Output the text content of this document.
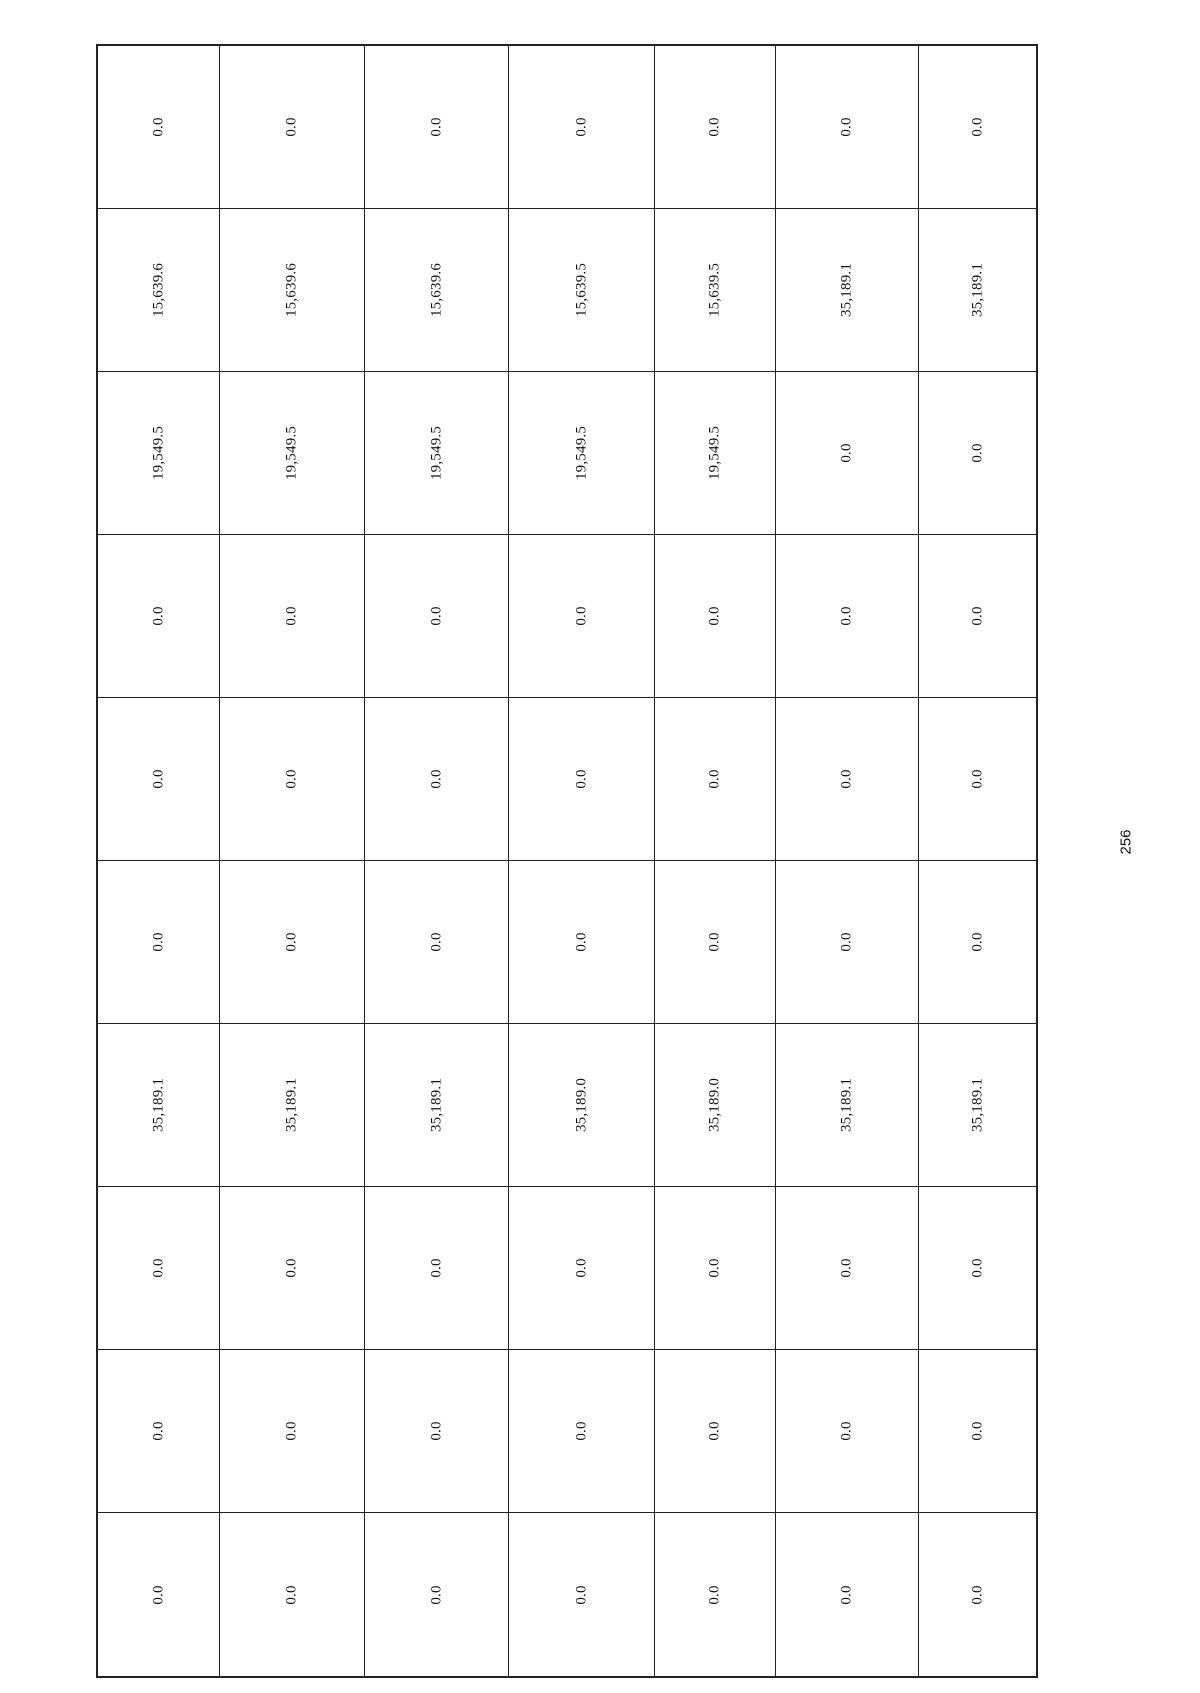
0.0	0.0	0.0	0.0	0.0	0.0	0.0
15,639.6	15,639.6	15,639.6	15,639.5	15,639.5	35,189.1	35,189.1
19,549.5	19,549.5	19,549.5	19,549.5	19,549.5	0.0	0.0
0.0	0.0	0.0	0.0	0.0	0.0	0.0
0.0	0.0	0.0	0.0	0.0	0.0	0.0
0.0	0.0	0.0	0.0	0.0	0.0	0.0
35,189.1	35,189.1	35,189.1	35,189.0	35,189.0	35,189.1	35,189.1
0.0	0.0	0.0	0.0	0.0	0.0	0.0
0.0	0.0	0.0	0.0	0.0	0.0	0.0
0.0	0.0	0.0	0.0	0.0	0.0	0.0
256
